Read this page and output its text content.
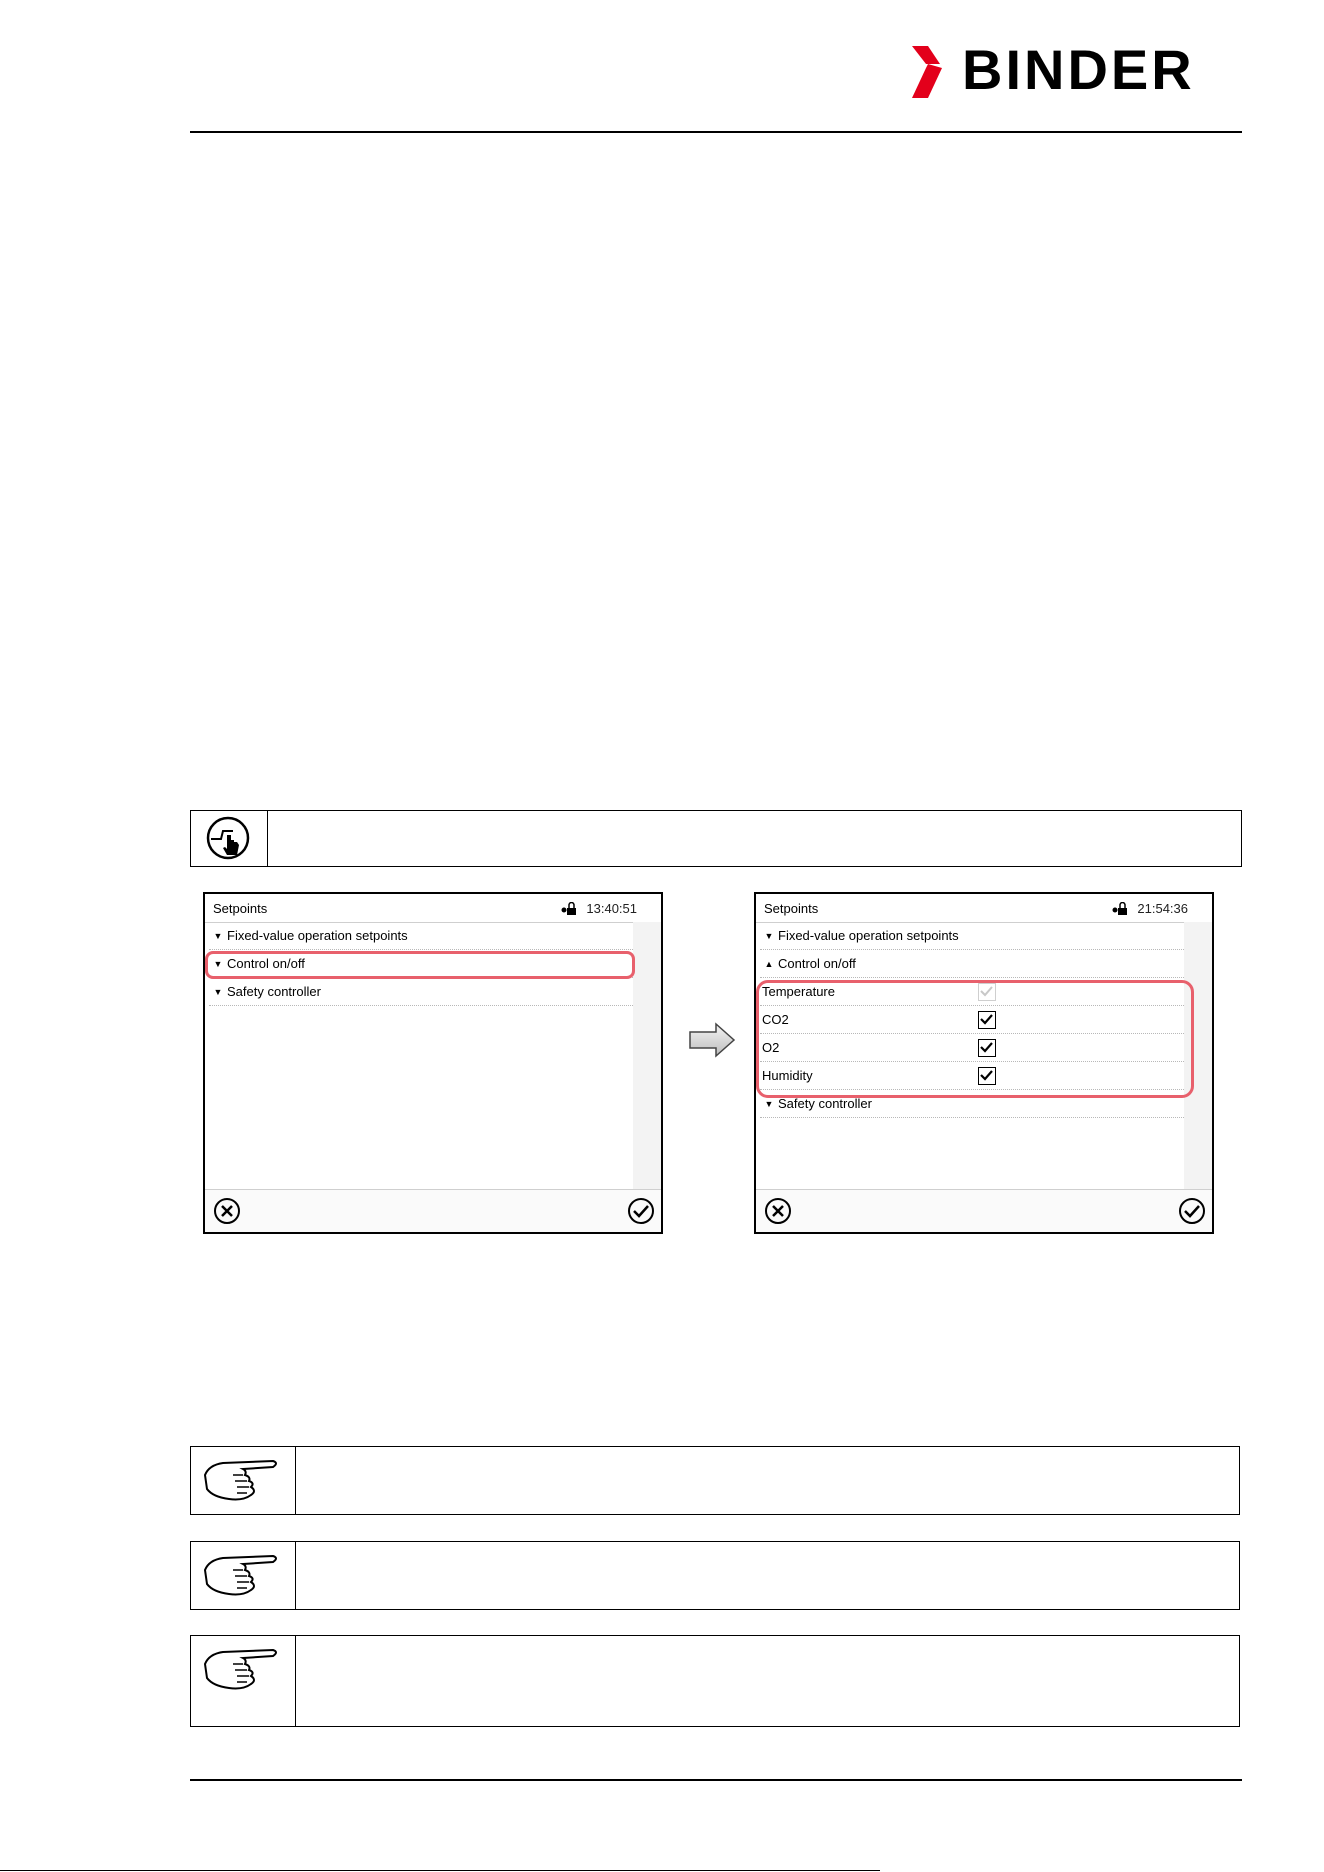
BINDER
Setpoints	13:40:51
▼ Fixed-value operation setpoints
▼ Control on/off
▼ Safety controller
Setpoints	21:54:36
▼ Fixed-value operation setpoints
▲ Control on/off
Temperature
CO2
O2
Humidity
▼ Safety controller
